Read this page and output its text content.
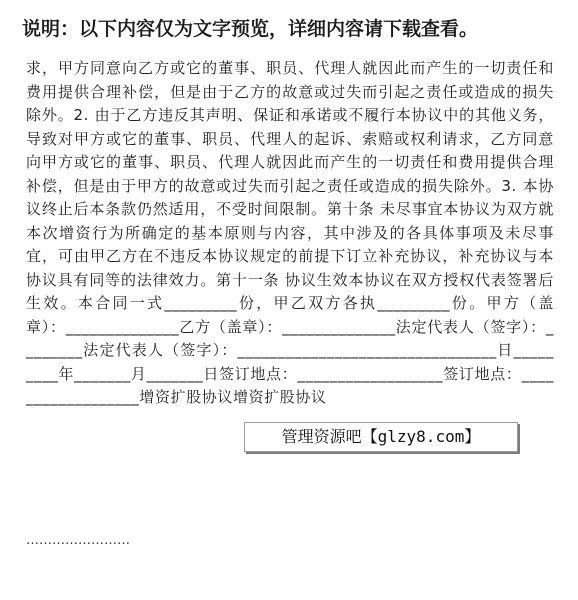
说明：以下内容仅为文字预览，详细内容请下载查看。
求，甲方同意向乙方或它的董事、职员、代理人就因此而产生的一切责任和费用提供合理补偿，但是由于乙方的故意或过失而引起之责任或造成的损失除外。2. 由于乙方违反其声明、保证和承诺或不履行本协议中的其他义务，导致对甲方或它的董事、职员、代理人的起诉、索赔或权利请求，乙方同意向甲方或它的董事、职员、代理人就因此而产生的一切责任和费用提供合理补偿，但是由于甲方的故意或过失而引起之责任或造成的损失除外。3. 本协议终止后本条款仍然适用，不受时间限制。第十条 未尽事宜本协议为双方就本次增资行为所确定的基本原则与内容，其中涉及的各具体事项及未尽事宜，可由甲乙方在不违反本协议规定的前提下订立补充协议，补充协议与本协议具有同等的法律效力。第十一条 协议生效本协议在双方授权代表签署后生效。本合同一式_________份，甲乙双方各执_________份。甲方（盖章）：______________乙方（盖章）：______________法定代表人（签字）：________法定代表人（签字）：________________________________日_________年_______月_______日签订地点：__________________签订地点：__________________增资扩股协议增资扩股协议
管理资源吧【glzy8.com】
……………………
